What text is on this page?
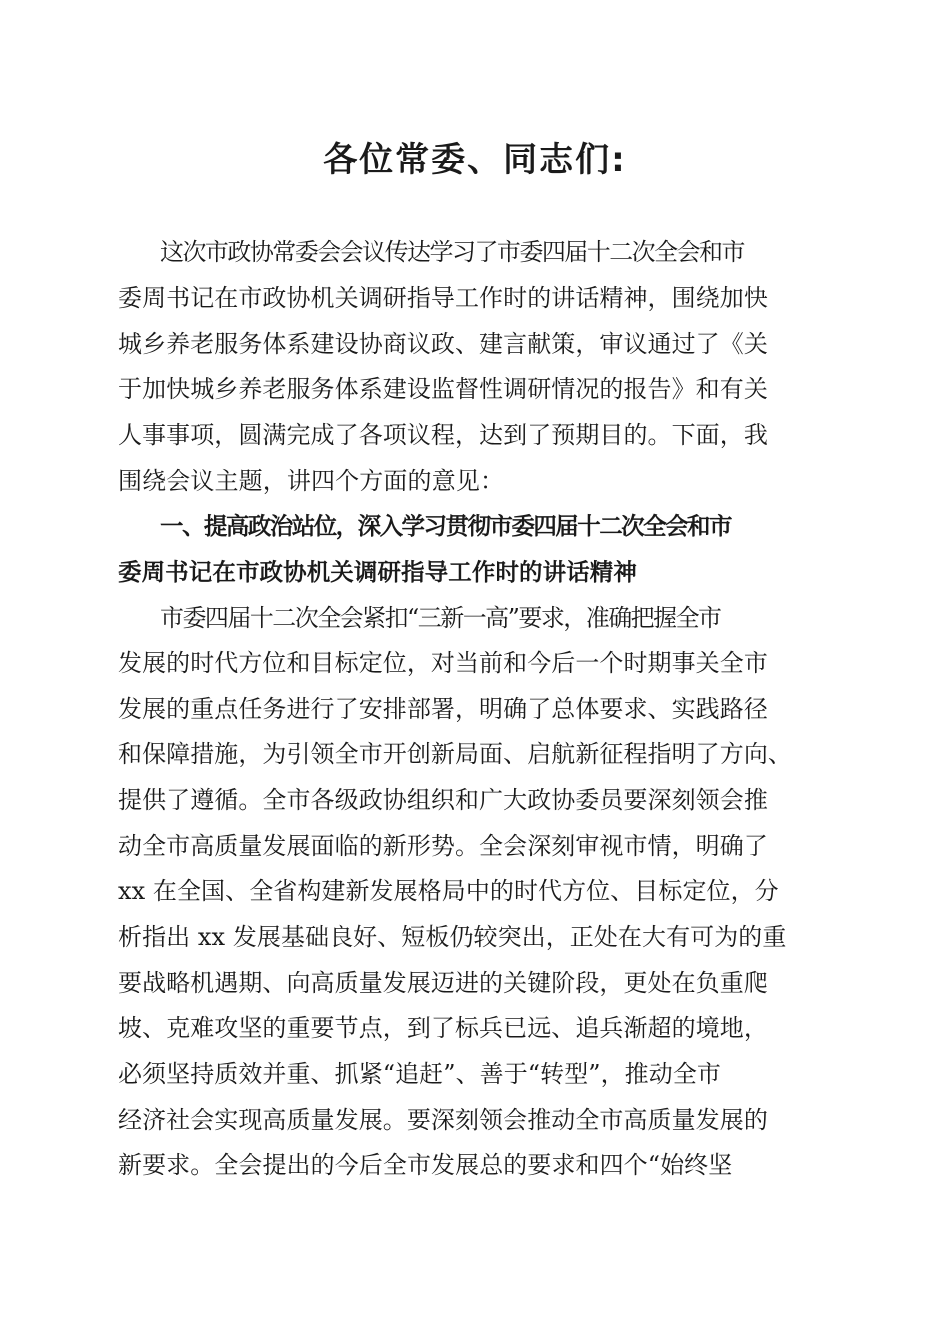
各位常委、同志们:
这次市政协常委会会议传达学习了市委四届十二次全会和市
委周书记在市政协机关调研指导工作时的讲话精神，围绕加快
城乡养老服务体系建设协商议政、建言献策，审议通过了《关
于加快城乡养老服务体系建设监督性调研情况的报告》和有关
人事事项，圆满完成了各项议程，达到了预期目的。下面，我
围绕会议主题，讲四个方面的意见：
一、提高政治站位，深入学习贯彻市委四届十二次全会和市
委周书记在市政协机关调研指导工作时的讲话精神
市委四届十二次全会紧扣“三新一高”要求，准确把握全市
发展的时代方位和目标定位，对当前和今后一个时期事关全市
发展的重点任务进行了安排部署，明确了总体要求、实践路径
和保障措施，为引领全市开创新局面、启航新征程指明了方向、
提供了遵循。全市各级政协组织和广大政协委员要深刻领会推
动全市高质量发展面临的新形势。全会深刻审视市情，明确了
xx 在全国、全省构建新发展格局中的时代方位、目标定位，分
析指出 xx 发展基础良好、短板仍较突出，正处在大有可为的重
要战略机遇期、向高质量发展迈进的关键阶段，更处在负重爬
坡、克难攻坚的重要节点，到了标兵已远、追兵渐超的境地，
必须坚持质效并重、抓紧“追赶”、善于“转型”，推动全市
经济社会实现高质量发展。要深刻领会推动全市高质量发展的
新要求。全会提出的今后全市发展总的要求和四个“始终坚
